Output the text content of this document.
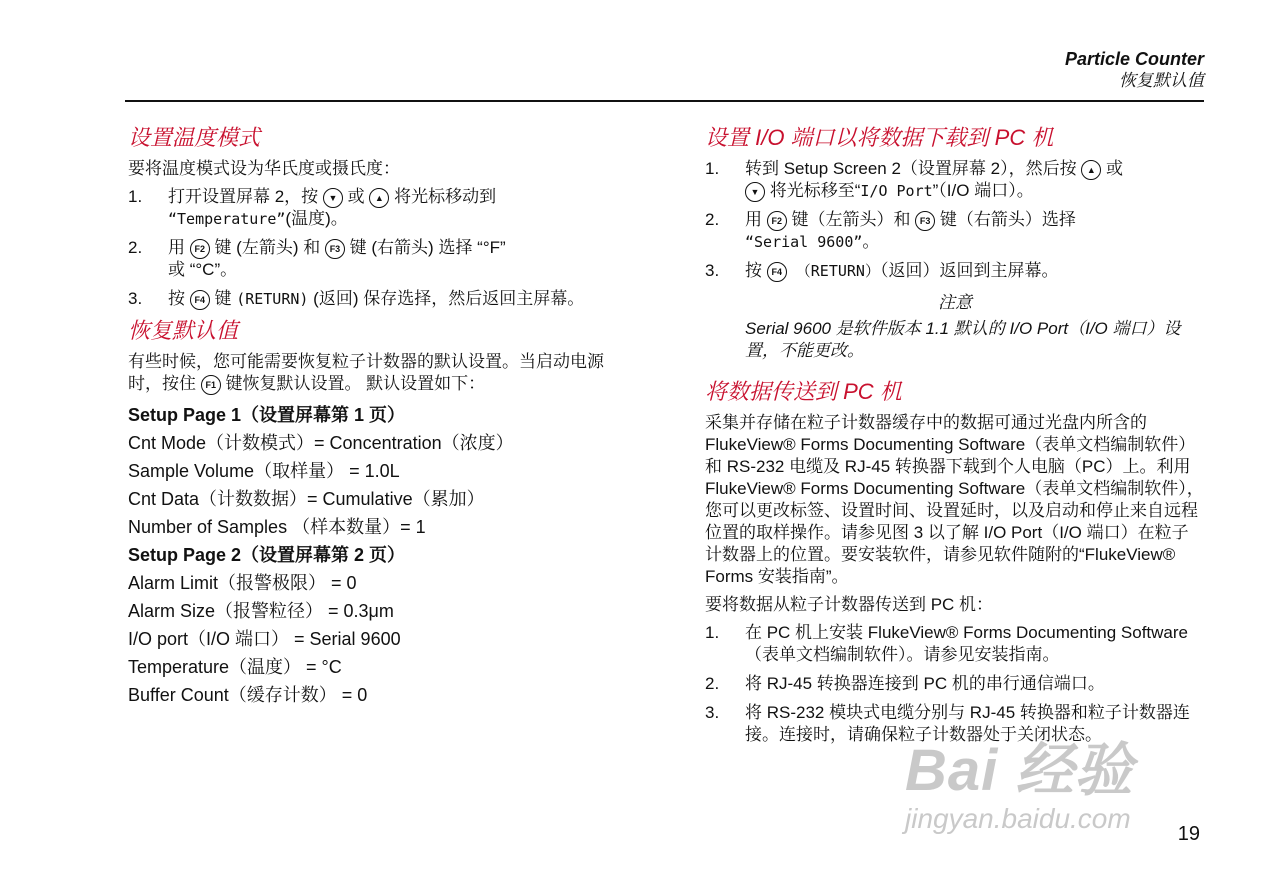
Particle Counter
恢复默认值
设置温度模式
要将温度模式设为华氏度或摄氏度：
1. 打开设置屏幕 2，按 ▼ 或 ▲ 将光标移动到
“Temperature”(温度)。
2. 用 F2 键 (左箭头) 和 F3 键 (右箭头) 选择 “°F”
或 “°C”。
3. 按 F4 键 (RETURN) (返回) 保存选择，然后返回主屏幕。
恢复默认值
有些时候，您可能需要恢复粒子计数器的默认设置。当启动电源时，按住 F1 键恢复默认设置。 默认设置如下：
Setup Page 1（设置屏幕第 1 页）
Cnt Mode（计数模式）= Concentration（浓度）
Sample Volume（取样量） = 1.0L
Cnt Data（计数数据）= Cumulative（累加）
Number of Samples （样本数量）= 1
Setup Page 2（设置屏幕第 2 页）
Alarm Limit（报警极限） = 0
Alarm Size（报警粒径） = 0.3μm
I/O port（I/O 端口） = Serial 9600
Temperature（温度） = °C
Buffer Count（缓存计数） = 0
设置 I/O 端口以将数据下载到 PC 机
1. 转到 Setup Screen 2（设置屏幕 2），然后按 ▲ 或
▼ 将光标移至“I/O Port”（I/O 端口）。
2. 用 F2 键（左箭头）和 F3 键（右箭头）选择
“Serial 9600”。
3. 按 F4 （RETURN）（返回）返回到主屏幕。
注意
Serial 9600 是软件版本 1.1 默认的 I/O Port（I/O 端口）设置，不能更改。
将数据传送到 PC 机
采集并存储在粒子计数器缓存中的数据可通过光盘内所含的 FlukeView® Forms Documenting Software（表单文档编制软件）和 RS-232 电缆及 RJ-45 转换器下载到个人电脑（PC）上。利用 FlukeView® Forms Documenting Software（表单文档编制软件），您可以更改标签、设置时间、设置延时，以及启动和停止来自远程位置的取样操作。请参见图 3 以了解 I/O Port（I/O 端口）在粒子计数器上的位置。要安装软件，请参见软件随附的“FlukeView® Forms 安装指南”。
要将数据从粒子计数器传送到 PC 机：
1. 在 PC 机上安装 FlukeView® Forms Documenting Software（表单文档编制软件）。请参见安装指南。
2. 将 RJ-45 转换器连接到 PC 机的串行通信端口。
3. 将 RS-232 模块式电缆分别与 RJ-45 转换器和粒子计数器连接。连接时，请确保粒子计数器处于关闭状态。
Bai 经验
jingyan.baidu.com 19
